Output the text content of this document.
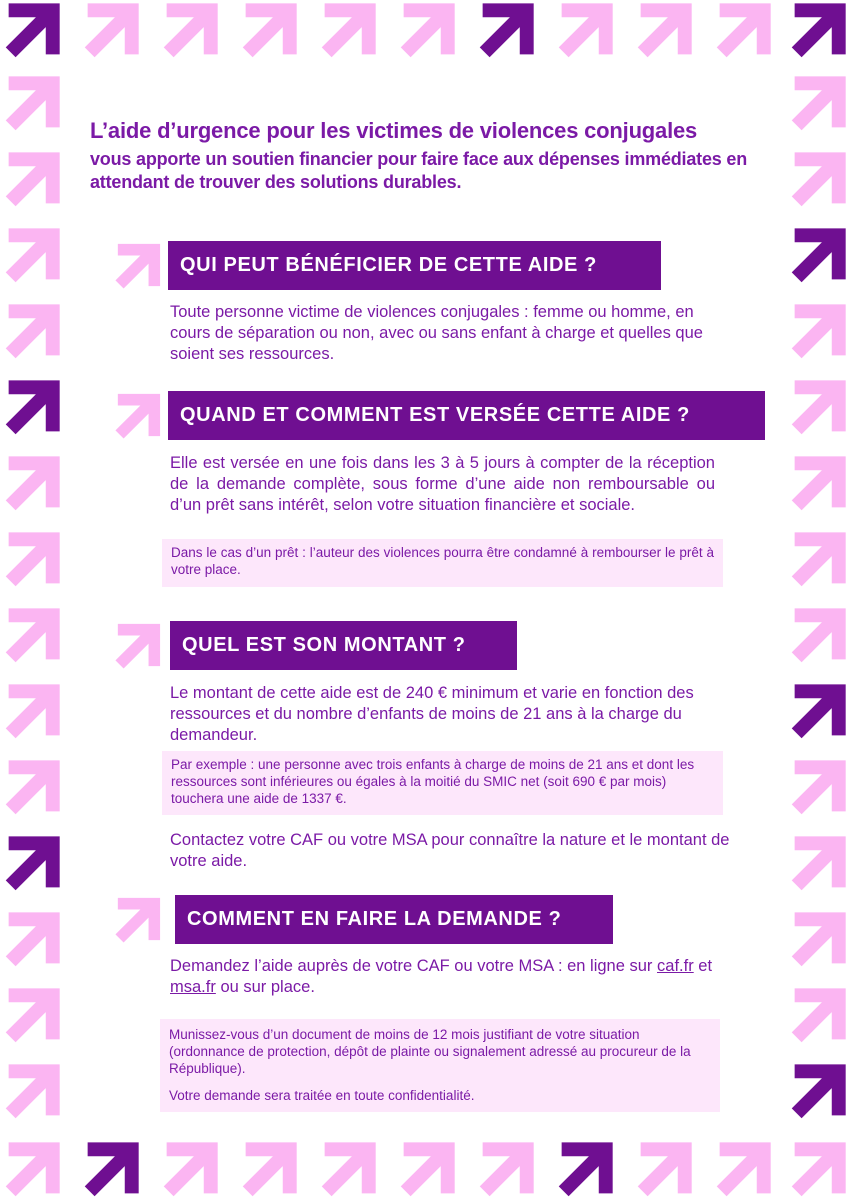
L’aide d’urgence pour les victimes de violences conjugales
vous apporte un soutien financier pour faire face aux dépenses immédiates en attendant de trouver des solutions durables.
QUI PEUT BÉNÉFICIER DE CETTE AIDE ?
Toute personne victime de violences conjugales : femme ou homme, en cours de séparation ou non, avec ou sans enfant à charge et quelles que soient ses ressources.
QUAND ET COMMENT EST VERSÉE CETTE AIDE ?
Elle est versée en une fois dans les 3 à 5 jours à compter de la réception de la demande complète, sous forme d’une aide non remboursable ou d’un prêt sans intérêt, selon votre situation financière et sociale.
Dans le cas d’un prêt : l’auteur des violences pourra être condamné à rembourser le prêt à votre place.
QUEL EST SON MONTANT ?
Le montant de cette aide est de 240 € minimum et varie en fonction des ressources et du nombre d’enfants de moins de 21 ans à la charge du demandeur.
Par exemple : une personne avec trois enfants à charge de moins de 21 ans et dont les ressources sont inférieures ou égales à la moitié du SMIC net (soit 690 € par mois) touchera une aide de 1337 €.
Contactez votre CAF ou votre MSA pour connaître la nature et le montant de votre aide.
COMMENT EN FAIRE LA DEMANDE ?
Demandez l’aide auprès de votre CAF ou votre MSA : en ligne sur caf.fr et msa.fr ou sur place.

Munissez-vous d’un document de moins de 12 mois justifiant de votre situation (ordonnance de protection, dépôt de plainte ou signalement adressé au procureur de la République).

Votre demande sera traitée en toute confidentialité.
